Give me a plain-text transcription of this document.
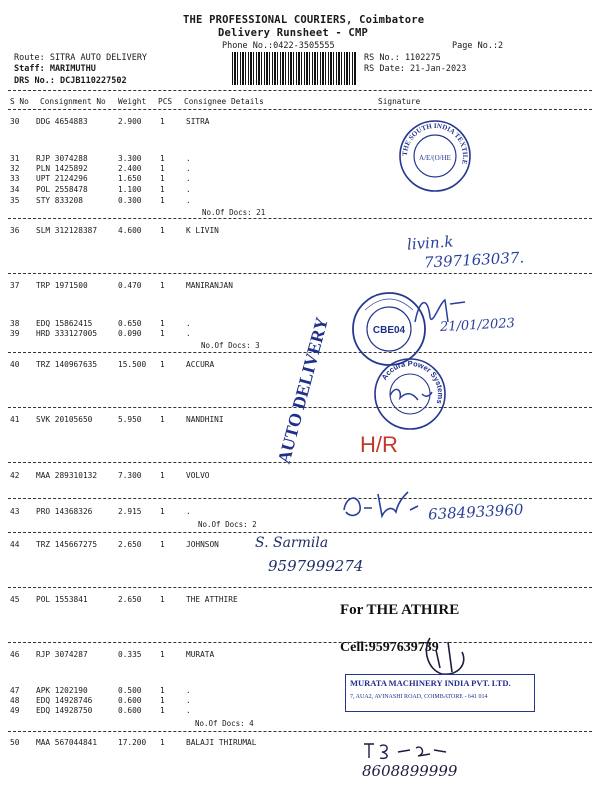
THE PROFESSIONAL COURIERS, Coimbatore
Delivery Runsheet - CMP
Phone No.:0422-3505555	Page No.:2
Route: SITRA AUTO DELIVERY
Staff: MARIMUTHU
DRS No.: DCJB110227502
RS No.: 1102275
RS Date: 21-Jan-2023
S No Consignment No Weight PCS Consignee Details	Signature
30 DDG 4654883	2.900 1	SITRA
31 RJP 3074288	3.300 1	.
32 PLN 1425892	2.400 1	.
33 UPT 2124296	1.650 1	.
34 POL 2558478	1.100 1	.
35 STY 833208	0.300 1	.
No.Of Docs: 21
36 SLM 312128387	4.600 1	K LIVIN
37 TRP 1971500	0.470 1	MANIRANJAN
38 EDQ 15862415	0.650 1	.
39 HRD 333127005	0.090 1	.
No.Of Docs: 3
40 TRZ 140967635	15.500 1	ACCURA
41 SVK 20105650	5.950 1	NANDHINI
42 MAA 289310132	7.300 1	VOLVO
43 PRO 14368326	2.915 1	.
No.Of Docs: 2
44 TRZ 145667275	2.650 1	JOHNSON
45 POL 1553841	2.650 1	THE ATTHIRE
46 RJP 3074287	0.335 1	MURATA
47 APK 1202190	0.500 1	.
48 EDQ 14928746	0.600 1	.
49 EDQ 14928750	0.600 1	.
No.Of Docs: 4
50 MAA 567044841	17.200 1	BALAJI THIRUMAL
THE SOUTH INDIA TEXTILE
A/E/(O/HE
livin.k
7397163037.
CBE04	21/01/2023
AUTO DELIVERY	Accura Power Systems
H/R
6384933960
S. Sarmila
9597999274
For THE ATHIRE
Cell:9597639739
MURATA MACHINERY INDIA PVT. LTD.
7, AUA2, AVINASHI ROAD, COIMBATORE - 641 014
8608899999
